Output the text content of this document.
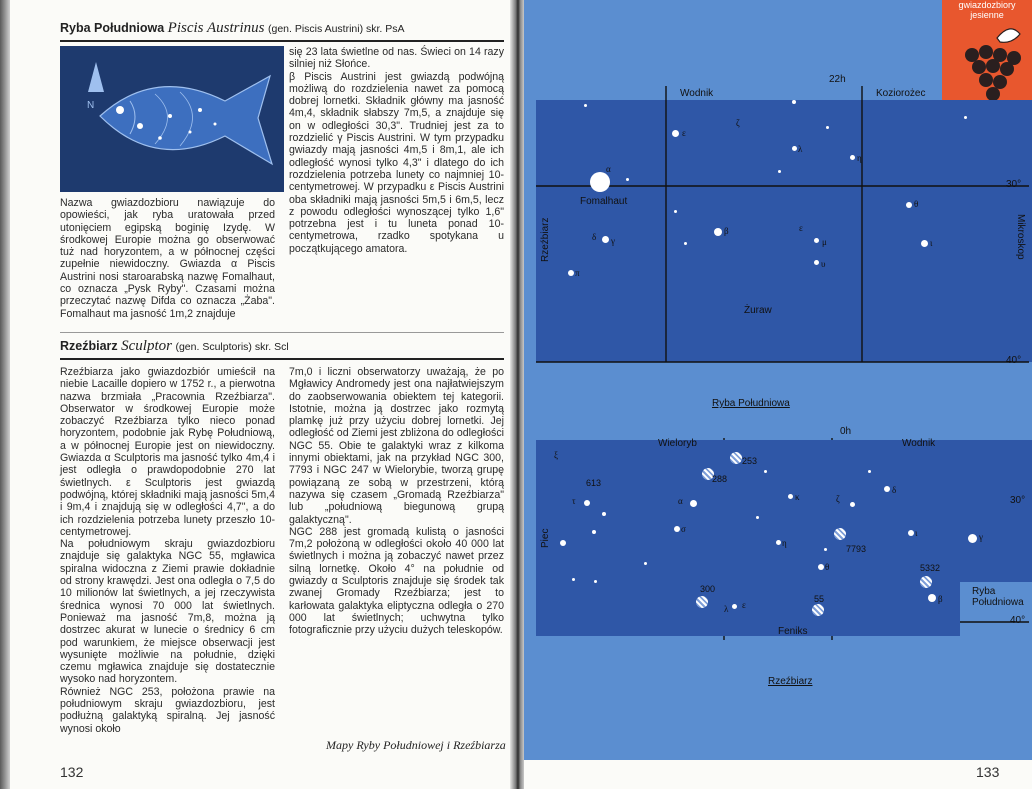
Ryba Południowa Piscis Austrinus (gen. Piscis Austrini) skr. PsA
N

Nazwa gwiazdozbioru nawiązuje do opowieści, jak ryba uratowała przed utonięciem egipską boginię Izydę. W środkowej Europie można go obserwować tuż nad horyzontem, a w północnej części zupełnie niewidoczny. Gwiazda α Piscis Austrini nosi staroarabską nazwę Fomalhaut, co oznacza „Pysk Ryby". Czasami można przeczytać nazwę Difda co oznacza „Żaba". Fomalhaut ma jasność 1m,2 znajduje

się 23 lata świetlne od nas. Świeci on 14 razy silniej niż Słońce.

β Piscis Austrini jest gwiazdą podwójną możliwą do rozdzielenia nawet za pomocą dobrej lornetki. Składnik główny ma jasność 4m,4, składnik słabszy 7m,5, a znajduje się on w odległości 30,3". Trudniej jest za to rozdzielić γ Piscis Austrini. W tym przypadku gwiazdy mają jasności 4m,5 i 8m,1, ale ich odległość wynosi tylko 4,3" i dlatego do ich rozdzielenia potrzeba lunety co najmniej 10-centymetrowej. W przypadku ε Piscis Austrini oba składniki mają jasności 5m,5 i 6m,5, lecz z powodu odległości wynoszącej tylko 1,6" potrzebna jest i tu luneta ponad 10-centymetrowa, rzadko spotykana u początkującego amatora.

Rzeźbiarz Sculptor (gen. Sculptoris) skr. Scl

Rzeźbiarza jako gwiazdozbiór umieścił na niebie Lacaille dopiero w 1752 r., a pierwotna nazwa brzmiała „Pracownia Rzeźbiarza". Obserwator w środkowej Europie może zobaczyć Rzeźbiarza tylko nieco ponad horyzontem, podobnie jak Rybę Południową, a w północnej Europie jest on niewidoczny. Gwiazda α Sculptoris ma jasność tylko 4m,4 i jest odległa o prawdopodobnie 270 lat świetlnych. ε Sculptoris jest gwiazdą podwójną, której składniki mają jasności 5m,4 i 9m,4 i znajdują się w odległości 4,7", a do ich rozdzielenia potrzeba lunety przeszło 10-centymetrowej.

Na południowym skraju gwiazdozbioru znajduje się galaktyka NGC 55, mgławica spiralna widoczna z Ziemi prawie dokładnie od strony krawędzi. Jest ona odległa o 7,5 do 10 milionów lat świetlnych, a jej rzeczywista średnica wynosi 70 000 lat świetlnych. Ponieważ ma jasność 7m,8, można ją dostrzec akurat w lunecie o średnicy 6 cm pod warunkiem, że miejsce obserwacji jest wysunięte możliwie na południe, dzięki czemu mgławica znajduje się dostatecznie wysoko nad horyzontem.

Również NGC 253, położona prawie na południowym skraju gwiazdozbioru, jest podłużną galaktyką spiralną. Jej jasność wynosi około

7m,0 i liczni obserwatorzy uważają, że po Mgławicy Andromedy jest ona najłatwiejszym do zaobserwowania obiektem tej kategorii. Istotnie, można ją dostrzec jako rozmytą plamkę już przy użyciu dobrej lornetki. Jej odległość od Ziemi jest zbliżona do odległości NGC 55. Obie te galaktyki wraz z kilkoma innymi obiektami, jak na przykład NGC 300, 7793 i NGC 247 w Wielorybie, tworzą grupę powiązaną ze sobą w przestrzeni, którą nazywa się czasem „Gromadą Rzeźbiarza" lub „południową biegunową grupą galaktyczną".

NGC 288 jest gromadą kulistą o jasności 7m,2 położoną w odległości około 40 000 lat świetlnych i można ją zobaczyć nawet przez silną lornetkę. Około 4° na południe od gwiazdy α Sculptoris znajduje się środek tak zwanej Gromady Rzeźbiarza; jest to karłowata galaktyka eliptyczna odległa o 270 000 lat świetlnych; uchwytna tylko fotograficznie przy użyciu dużych teleskopów.

Mapy Ryby Południowej i Rzeźbiarza
132
gwiazdozbiory jesienne
Wodnik	Koziorożec
22h
Rzeźbiarz	Mikroskop
Fomalhaut
Żuraw
30°
40°
Ryba Południowa
α
β
γ
δ
ε
ζ
η
θ
ι
λ
μ
π
υ
ε
Wieloryb	Wodnik
0h
Piec
Feniks
Ryba Południowa
30°
40°
Rzeźbiarz
253
288
7793
5332
300
55
613
α
β
γ
δ
ε
ζ
η
θ
ι
κ
λ
τ
σ
ξ
133
